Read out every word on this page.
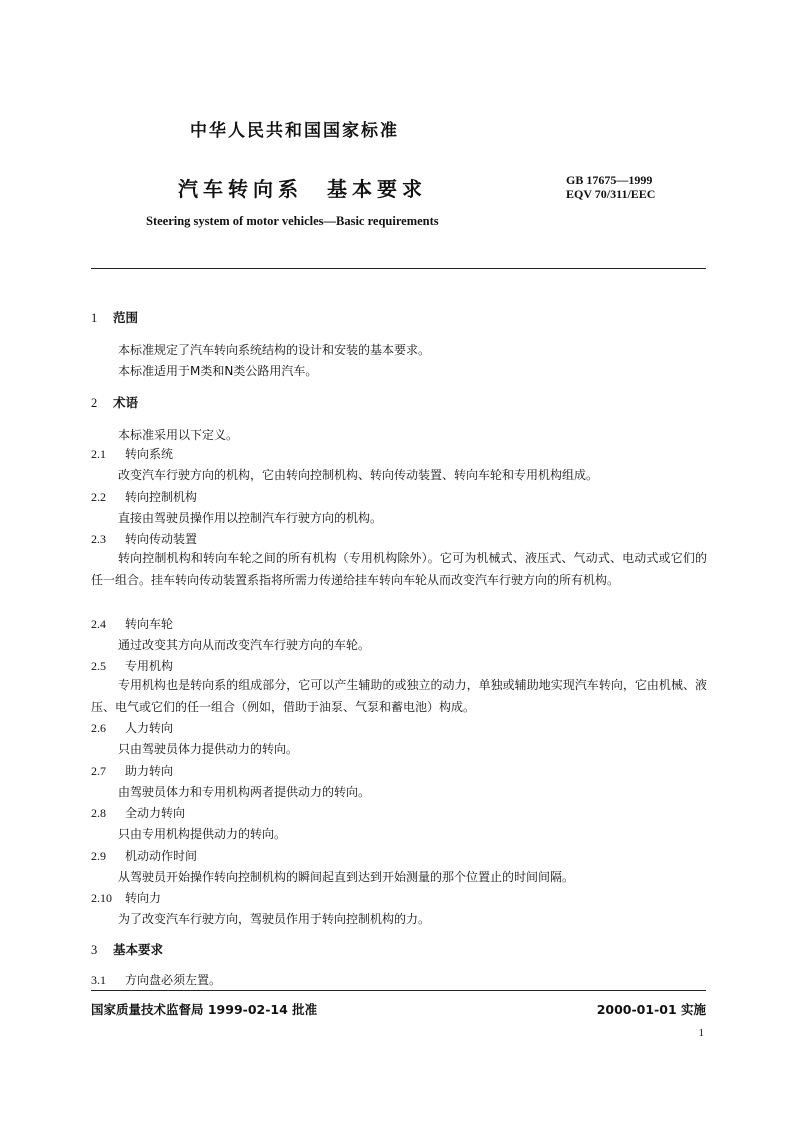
中华人民共和国国家标准
汽车转向系 基本要求	GB 17675—1999
EQV 70/311/EEC
Steering system of motor vehicles—Basic requirements
1 范围
本标准规定了汽车转向系统结构的设计和安装的基本要求。
本标准适用于M类和N类公路用汽车。
2 术语
本标准采用以下定义。
2.1 转向系统
改变汽车行驶方向的机构，它由转向控制机构、转向传动装置、转向车轮和专用机构组成。
2.2 转向控制机构
直接由驾驶员操作用以控制汽车行驶方向的机构。
2.3 转向传动装置
转向控制机构和转向车轮之间的所有机构（专用机构除外）。它可为机械式、液压式、气动式、电动式或它们的任一组合。挂车转向传动装置系指将所需力传递给挂车转向车轮从而改变汽车行驶方向的所有机构。
2.4 转向车轮
通过改变其方向从而改变汽车行驶方向的车轮。
2.5 专用机构
专用机构也是转向系的组成部分，它可以产生辅助的或独立的动力，单独或辅助地实现汽车转向，它由机械、液压、电气或它们的任一组合（例如，借助于油泵、气泵和蓄电池）构成。
2.6 人力转向
只由驾驶员体力提供动力的转向。
2.7 助力转向
由驾驶员体力和专用机构两者提供动力的转向。
2.8 全动力转向
只由专用机构提供动力的转向。
2.9 机动动作时间
从驾驶员开始操作转向控制机构的瞬间起直到达到开始测量的那个位置止的时间间隔。
2.10 转向力
为了改变汽车行驶方向，驾驶员作用于转向控制机构的力。
3 基本要求
3.1 方向盘必须左置。
国家质量技术监督局 1999-02-14 批准	2000-01-01 实施
1
